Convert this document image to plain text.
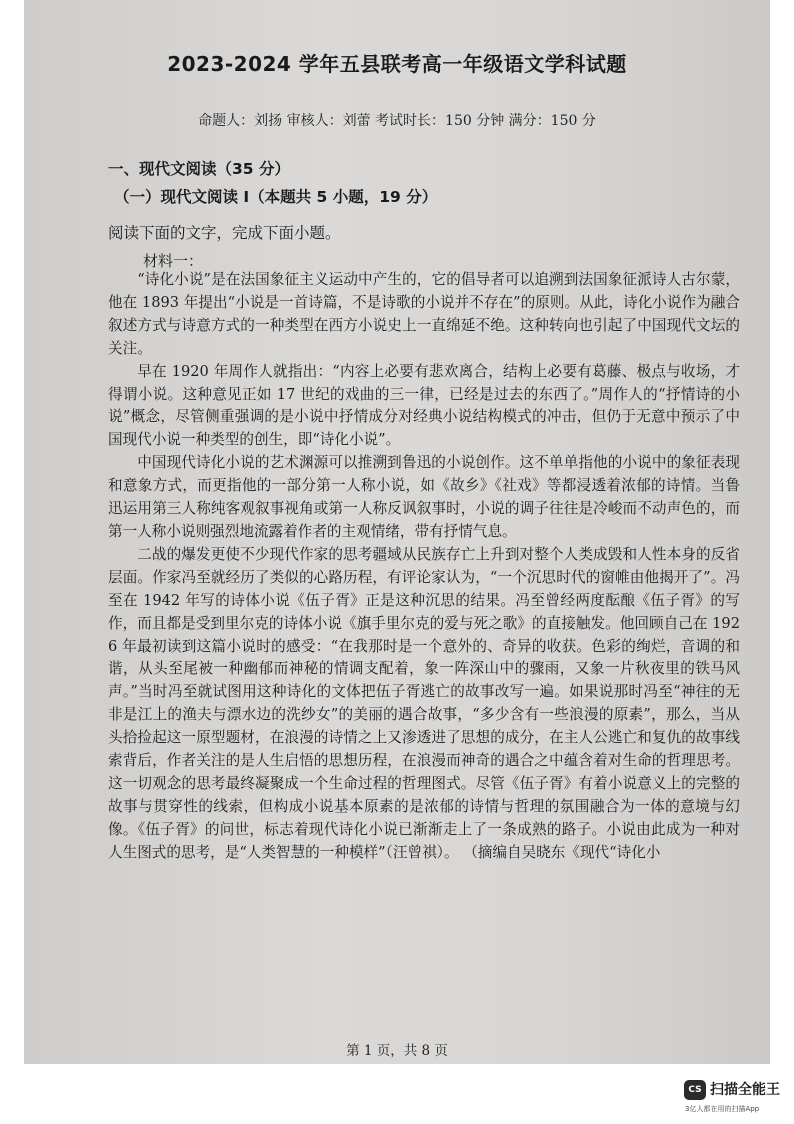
2023-2024 学年五县联考高一年级语文学科试题
命题人：刘扬 审核人：刘蕾 考试时长：150 分钟 满分：150 分
一、现代文阅读（35 分）
（一）现代文阅读 I（本题共 5 小题，19 分）
阅读下面的文字，完成下面小题。
材料一：

“诗化小说”是在法国象征主义运动中产生的，它的倡导者可以追溯到法国象征派诗人古尔蒙，他在 1893 年提出“小说是一首诗篇，不是诗歌的小说并不存在”的原则。从此，诗化小说作为融合叙述方式与诗意方式的一种类型在西方小说史上一直绵延不绝。这种转向也引起了中国现代文坛的关注。

早在 1920 年周作人就指出：“内容上必要有悲欢离合，结构上必要有葛藤、极点与收场，才得谓小说。这种意见正如 17 世纪的戏曲的三一律，已经是过去的东西了。”周作人的“抒情诗的小说”概念，尽管侧重强调的是小说中抒情成分对经典小说结构模式的冲击，但仍于无意中预示了中国现代小说一种类型的创生，即“诗化小说”。

中国现代诗化小说的艺术渊源可以推溯到鲁迅的小说创作。这不单单指他的小说中的象征表现和意象方式，而更指他的一部分第一人称小说，如《故乡》《社戏》等都浸透着浓郁的诗情。当鲁迅运用第三人称纯客观叙事视角或第一人称反讽叙事时，小说的调子往往是冷峻而不动声色的，而第一人称小说则强烈地流露着作者的主观情绪，带有抒情气息。

二战的爆发更使不少现代作家的思考疆域从民族存亡上升到对整个人类成毁和人性本身的反省层面。作家冯至就经历了类似的心路历程，有评论家认为，“一个沉思时代的窗帷由他揭开了”。冯至在 1942 年写的诗体小说《伍子胥》正是这种沉思的结果。冯至曾经两度酝酿《伍子胥》的写作，而且都是受到里尔克的诗体小说《旗手里尔克的爱与死之歌》的直接触发。他回顾自己在 1926 年最初读到这篇小说时的感受：“在我那时是一个意外的、奇异的收获。色彩的绚烂，音调的和谐，从头至尾被一种幽郁而神秘的情调支配着，象一阵深山中的骤雨，又象一片秋夜里的铁马风声。”当时冯至就试图用这种诗化的文体把伍子胥逃亡的故事改写一遍。如果说那时冯至“神往的无非是江上的渔夫与漂水边的洗纱女”的美丽的遇合故事，“多少含有一些浪漫的原素”，那么，当从头拾捡起这一原型题材，在浪漫的诗情之上又渗透进了思想的成分，在主人公逃亡和复仇的故事线索背后，作者关注的是人生启悟的思想历程，在浪漫而神奇的遇合之中蕴含着对生命的哲理思考。这一切观念的思考最终凝聚成一个生命过程的哲理图式。尽管《伍子胥》有着小说意义上的完整的故事与贯穿性的线索，但构成小说基本原素的是浓郁的诗情与哲理的氛围融合为一体的意境与幻像。《伍子胥》的问世，标志着现代诗化小说已渐渐走上了一条成熟的路子。小说由此成为一种对人生图式的思考，是“人类智慧的一种模样”（汪曾祺）。 （摘编自吴晓东《现代“诗化小

第 1 页，共 8 页
CS 扫描全能王
3亿人都在用的扫描App
